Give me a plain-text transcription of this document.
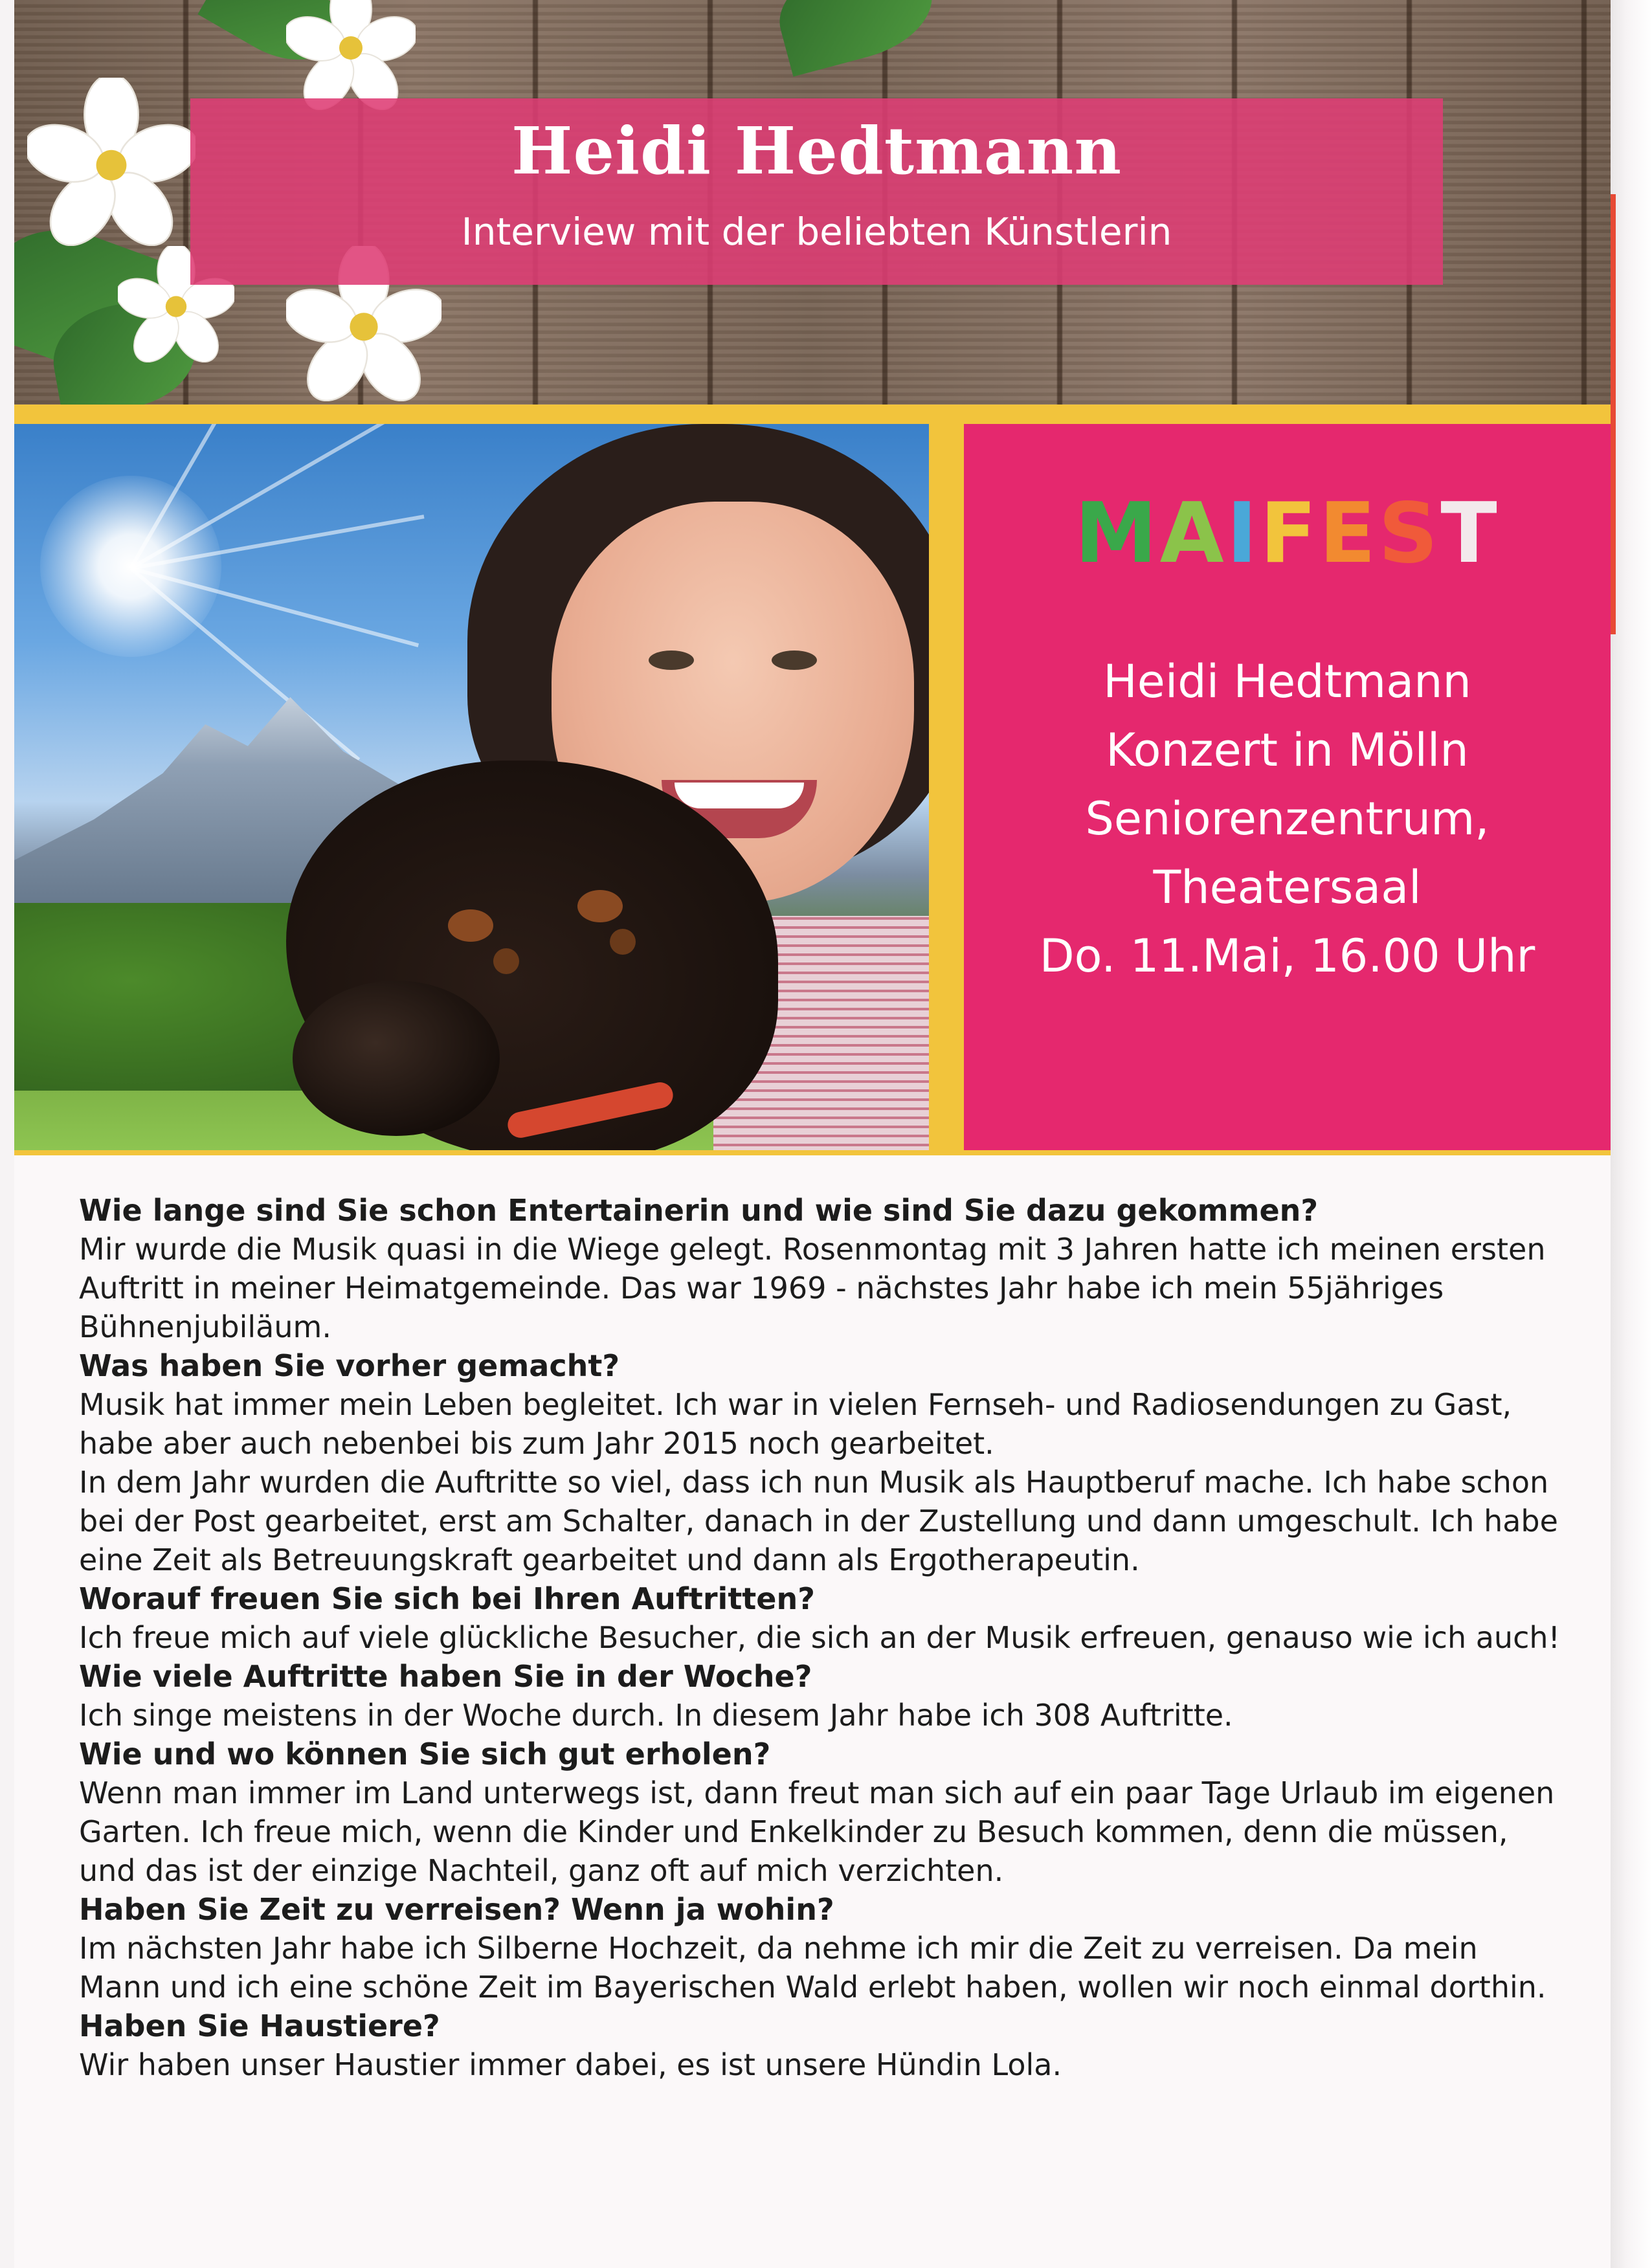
Heidi Hedtmann
Interview mit der beliebten Künstlerin
MAIFEST
Heidi Hedtmann
Konzert in Mölln
Seniorenzentrum,
Theatersaal
Do. 11.Mai, 16.00 Uhr
Wie lange sind Sie schon Entertainerin und wie sind Sie dazu gekommen?
Mir wurde die Musik quasi in die Wiege gelegt. Rosenmontag mit 3 Jahren hatte ich meinen ersten
Auftritt in meiner Heimatgemeinde. Das war 1969 - nächstes Jahr habe ich mein 55jähriges
Bühnenjubiläum.
Was haben Sie vorher gemacht?
Musik hat immer mein Leben begleitet. Ich war in vielen Fernseh- und Radiosendungen zu Gast,
habe aber auch nebenbei bis zum Jahr 2015 noch gearbeitet.
In dem Jahr wurden die Auftritte so viel, dass ich nun Musik als Hauptberuf mache. Ich habe schon
bei der Post gearbeitet, erst am Schalter, danach in der Zustellung und dann umgeschult. Ich habe
eine Zeit als Betreuungskraft gearbeitet und dann als Ergotherapeutin.
Worauf freuen Sie sich bei Ihren Auftritten?
Ich freue mich auf viele glückliche Besucher, die sich an der Musik erfreuen, genauso wie ich auch!
Wie viele Auftritte haben Sie in der Woche?
Ich singe meistens in der Woche durch. In diesem Jahr habe ich 308 Auftritte.
Wie und wo können Sie sich gut erholen?
Wenn man immer im Land unterwegs ist, dann freut man sich auf ein paar Tage Urlaub im eigenen
Garten. Ich freue mich, wenn die Kinder und Enkelkinder zu Besuch kommen, denn die müssen,
und das ist der einzige Nachteil, ganz oft auf mich verzichten.
Haben Sie Zeit zu verreisen? Wenn ja wohin?
Im nächsten Jahr habe ich Silberne Hochzeit, da nehme ich mir die Zeit zu verreisen. Da mein
Mann und ich eine schöne Zeit im Bayerischen Wald erlebt haben, wollen wir noch einmal dorthin.
Haben Sie Haustiere?
Wir haben unser Haustier immer dabei, es ist unsere Hündin Lola.
